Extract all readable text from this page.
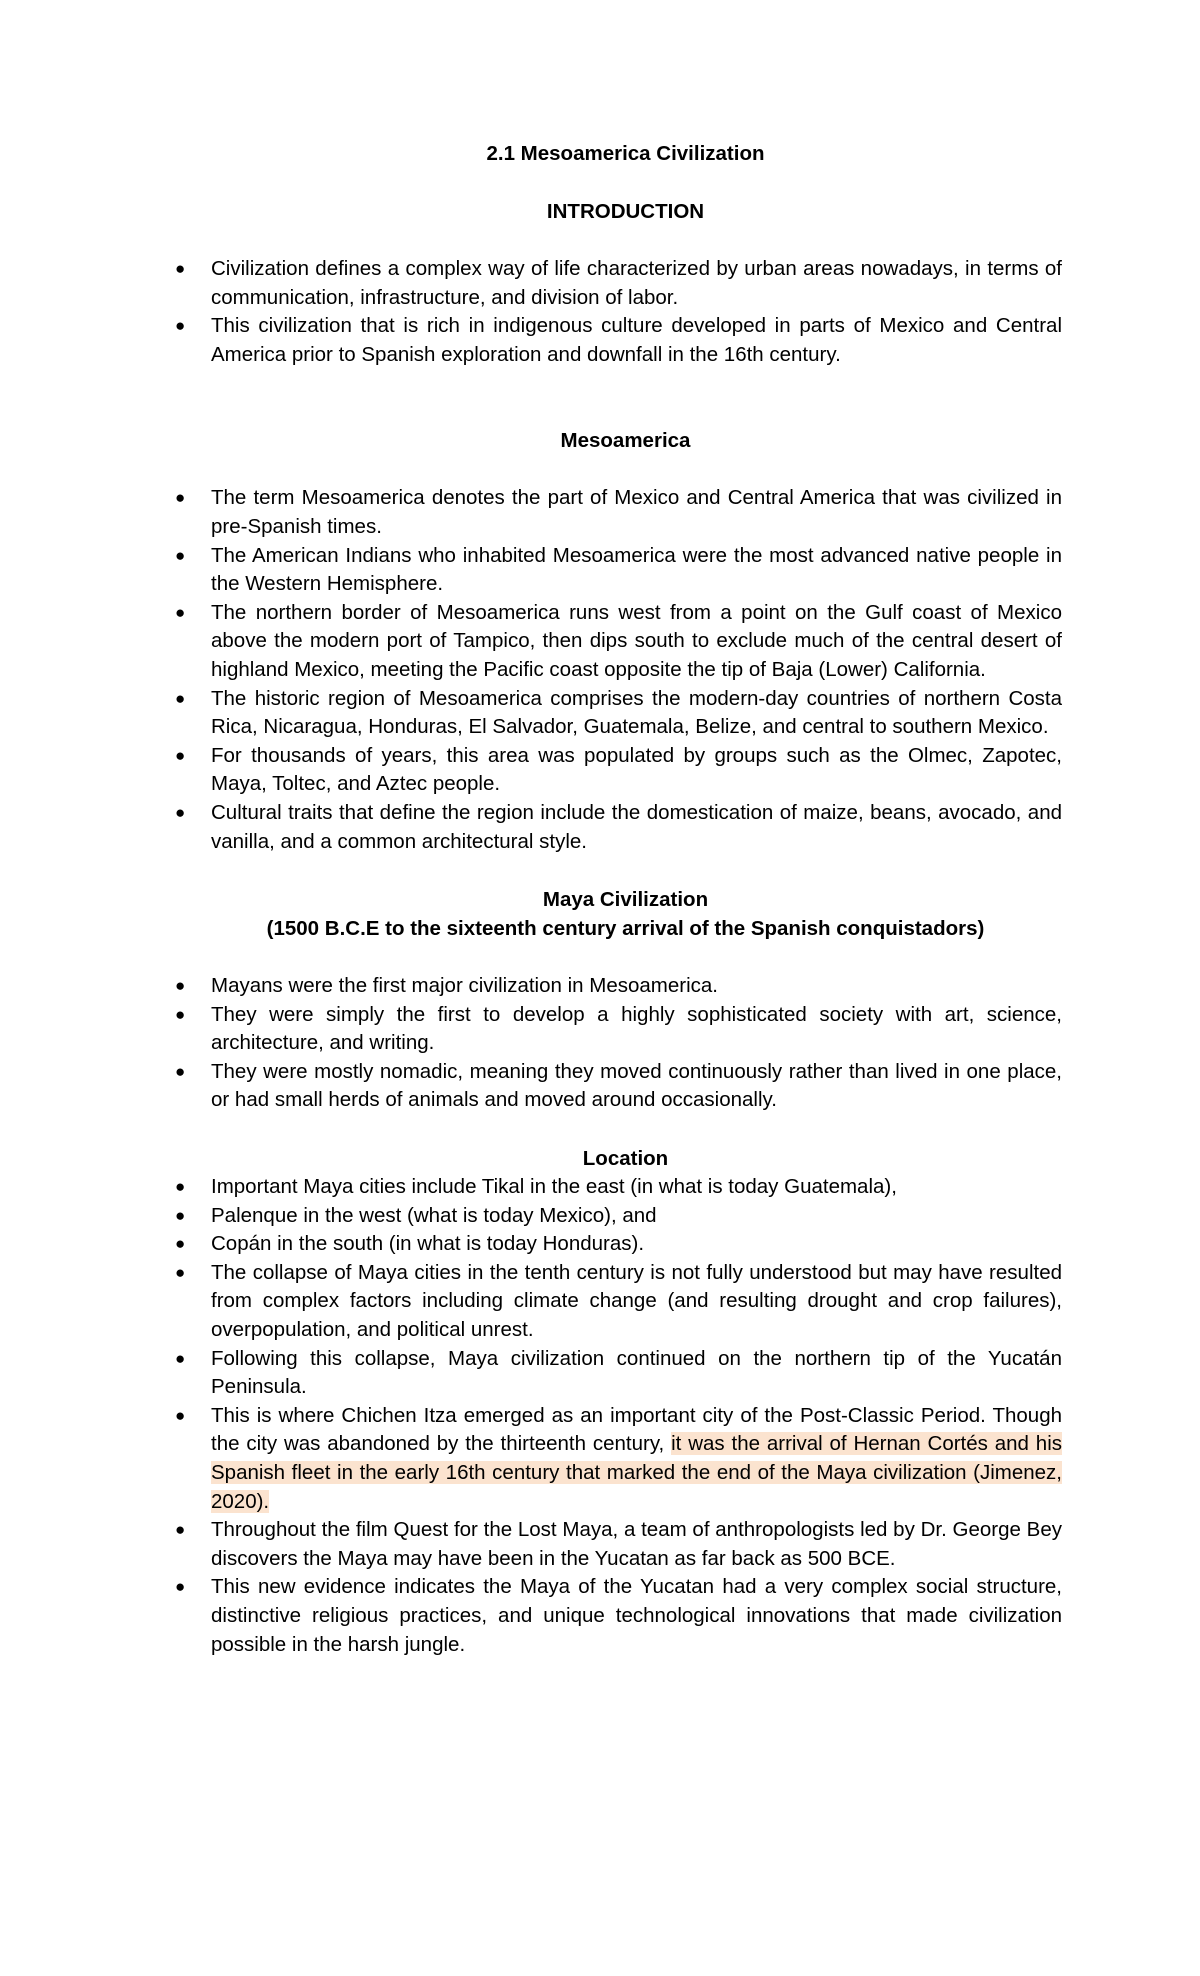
2.1 Mesoamerica Civilization

INTRODUCTION

●	Civilization defines a complex way of life characterized by urban areas nowadays, in terms of communication, infrastructure, and division of labor.
●	This civilization that is rich in indigenous culture developed in parts of Mexico and Central America prior to Spanish exploration and downfall in the 16th century.

Mesoamerica

●	The term Mesoamerica denotes the part of Mexico and Central America that was civilized in pre-Spanish times.
●	The American Indians who inhabited Mesoamerica were the most advanced native people in the Western Hemisphere.
●	The northern border of Mesoamerica runs west from a point on the Gulf coast of Mexico above the modern port of Tampico, then dips south to exclude much of the central desert of highland Mexico, meeting the Pacific coast opposite the tip of Baja (Lower) California.
●	The historic region of Mesoamerica comprises the modern-day countries of northern Costa Rica, Nicaragua, Honduras, El Salvador, Guatemala, Belize, and central to southern Mexico.
●	For thousands of years, this area was populated by groups such as the Olmec, Zapotec, Maya, Toltec, and Aztec people.
●	Cultural traits that define the region include the domestication of maize, beans, avocado, and vanilla, and a common architectural style.

Maya Civilization

(1500 B.C.E to the sixteenth century arrival of the Spanish conquistadors)

●	Mayans were the first major civilization in Mesoamerica.
●	They were simply the first to develop a highly sophisticated society with art, science, architecture, and writing.
●	They were mostly nomadic, meaning they moved continuously rather than lived in one place, or had small herds of animals and moved around occasionally.

Location

●	Important Maya cities include Tikal in the east (in what is today Guatemala),
●	Palenque in the west (what is today Mexico), and
●	Copán in the south (in what is today Honduras).
●	The collapse of Maya cities in the tenth century is not fully understood but may have resulted from complex factors including climate change (and resulting drought and crop failures), overpopulation, and political unrest.
●	Following this collapse, Maya civilization continued on the northern tip of the Yucatán Peninsula.
●	This is where Chichen Itza emerged as an important city of the Post-Classic Period. Though the city was abandoned by the thirteenth century, it was the arrival of Hernan Cortés and his Spanish fleet in the early 16th century that marked the end of the Maya civilization (Jimenez, 2020).
●	Throughout the film Quest for the Lost Maya, a team of anthropologists led by Dr. George Bey discovers the Maya may have been in the Yucatan as far back as 500 BCE.
●	This new evidence indicates the Maya of the Yucatan had a very complex social structure, distinctive religious practices, and unique technological innovations that made civilization possible in the harsh jungle.
